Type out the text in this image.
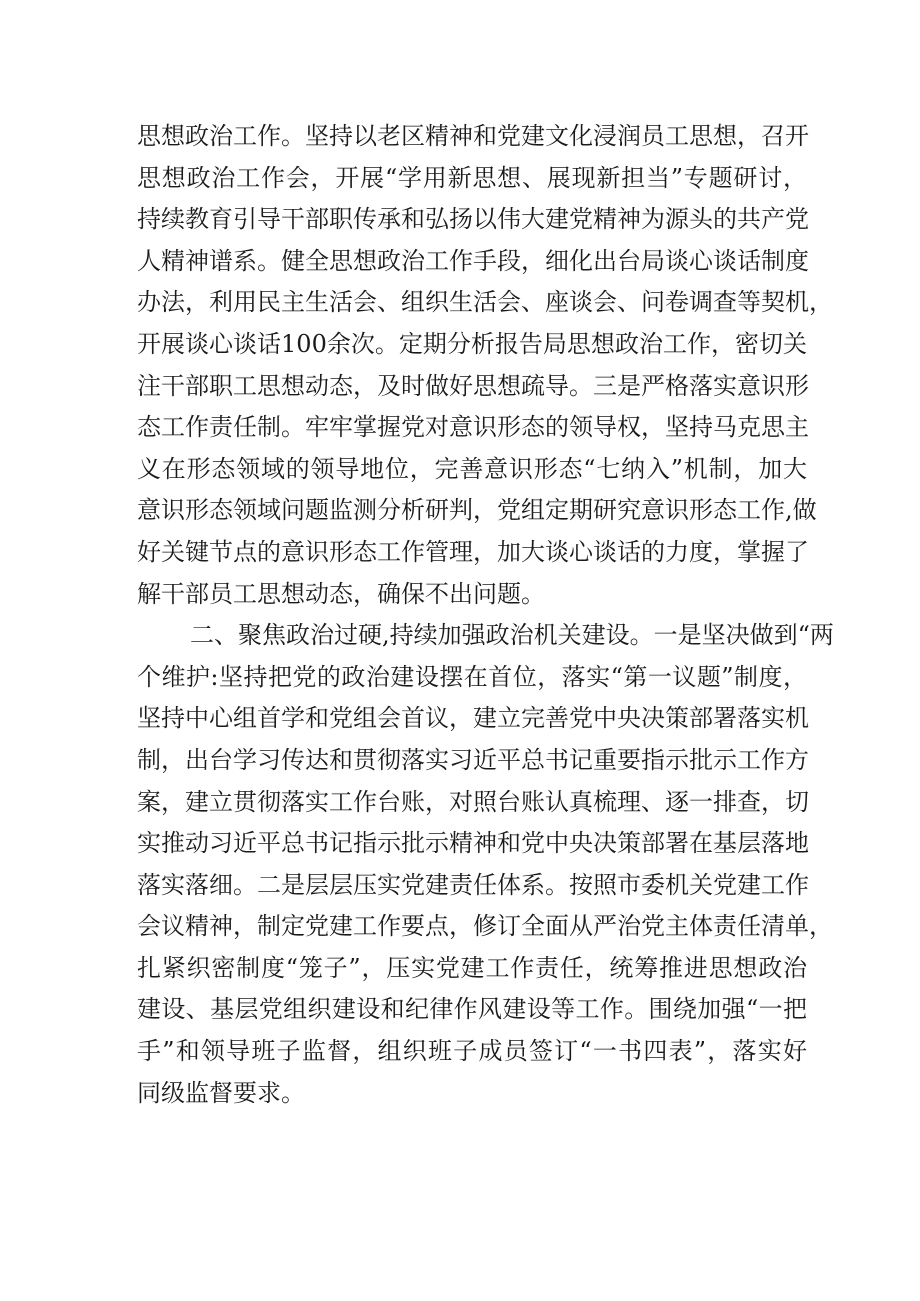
思想政治工作。坚持以老区精神和党建文化浸润员工思想，召开
思想政治工作会，开展“学用新思想、展现新担当”专题研讨，
持续教育引导干部职传承和弘扬以伟大建党精神为源头的共产党
人精神谱系。健全思想政治工作手段，细化出台局谈心谈话制度
办法，利用民主生活会、组织生活会、座谈会、问卷调查等契机，
开展谈心谈话100余次。定期分析报告局思想政治工作，密切关
注干部职工思想动态，及时做好思想疏导。三是严格落实意识形
态工作责任制。牢牢掌握党对意识形态的领导权，坚持马克思主
义在形态领域的领导地位，完善意识形态“七纳入”机制，加大
意识形态领域问题监测分析研判，党组定期研究意识形态工作,做
好关键节点的意识形态工作管理，加大谈心谈话的力度，掌握了
解干部员工思想动态，确保不出问题。
二、聚焦政治过硬,持续加强政治机关建设。一是坚决做到“两
个维护:坚持把党的政治建设摆在首位，落实“第一议题”制度，
坚持中心组首学和党组会首议，建立完善党中央决策部署落实机
制，出台学习传达和贯彻落实习近平总书记重要指示批示工作方
案，建立贯彻落实工作台账，对照台账认真梳理、逐一排查，切
实推动习近平总书记指示批示精神和党中央决策部署在基层落地
落实落细。二是层层压实党建责任体系。按照市委机关党建工作
会议精神，制定党建工作要点，修订全面从严治党主体责任清单，
扎紧织密制度“笼子”，压实党建工作责任，统筹推进思想政治
建设、基层党组织建设和纪律作风建设等工作。围绕加强“一把
手”和领导班子监督，组织班子成员签订“一书四表”，落实好
同级监督要求。
